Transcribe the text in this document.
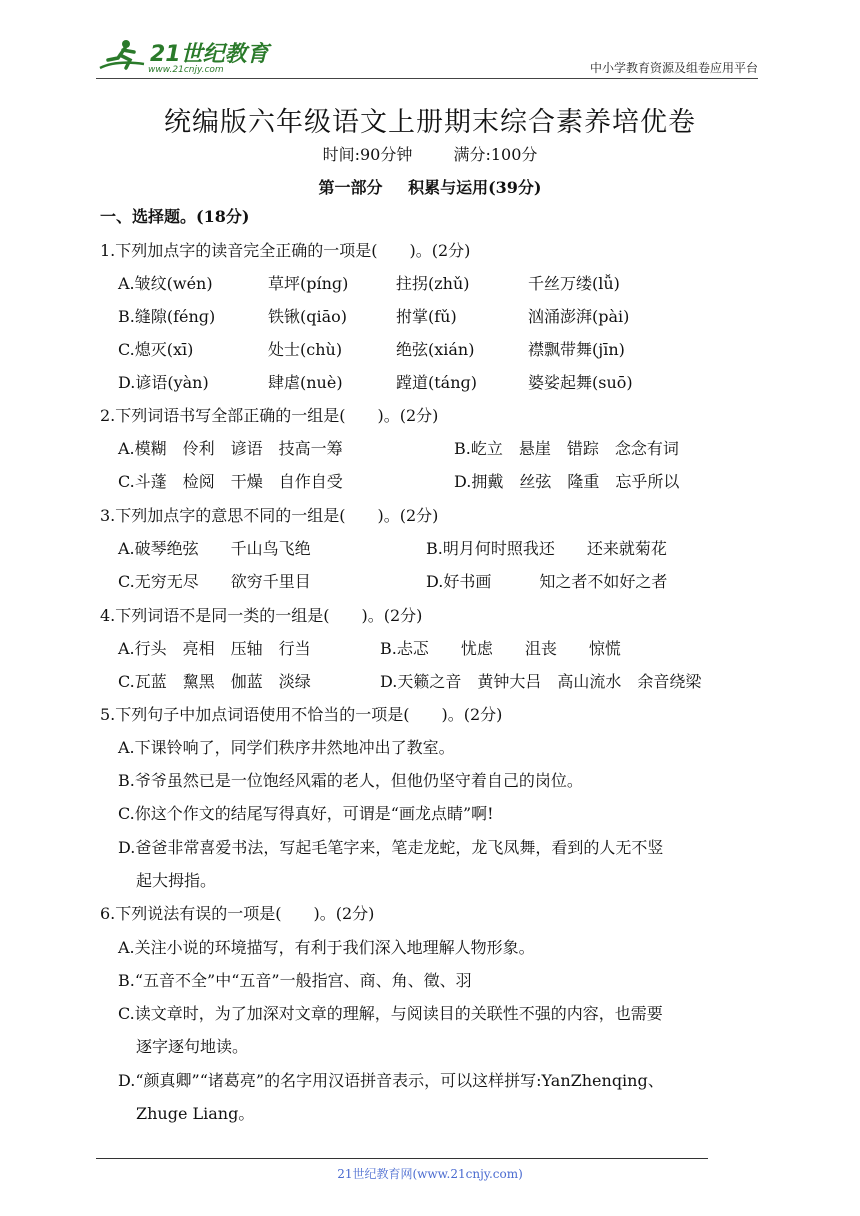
21世纪教育
www.21cnjy.com	中小学教育资源及组卷应用平台
统编版六年级语文上册期末综合素养培优卷
时间:90分钟	满分:100分
第一部分 积累与运用(39分)
一、选择题。(18分)
1.下列加点字的读音完全正确的一项是(　　)。(2分)
A.皱纹(wén)	草坪(pínɡ)	拄拐(zhǔ)	千丝万缕(lǚ)
B.缝隙(fénɡ)	铁锹(qiāo)	拊掌(fǔ)	汹涌澎湃(pài)
C.熄灭(xī)	处士(chù)	绝弦(xián)	襟飘带舞(jīn)
D.谚语(yàn)	肆虐(nuè)	蹚道(tánɡ)	婆娑起舞(suō)
2.下列词语书写全部正确的一组是(　　)。(2分)
A.模糊　伶利　谚语　技高一筹	B.屹立　悬崖　错踪　念念有词
C.斗蓬　检阅　干燥　自作自受	D.拥戴　丝弦　隆重　忘乎所以
3.下列加点字的意思不同的一组是(　　)。(2分)
A.破琴绝弦　　千山鸟飞绝	B.明月何时照我还　　还来就菊花
C.无穷无尽　　欲穷千里目	D.好书画　　　知之者不如好之者
4.下列词语不是同一类的一组是(　　)。(2分)
A.行头　亮相　压轴　行当	B.忐忑　　忧虑　　沮丧　　惊慌
C.瓦蓝　黧黑　伽蓝　淡绿	D.天籁之音　黄钟大吕　高山流水　余音绕梁
5.下列句子中加点词语使用不恰当的一项是(　　)。(2分)
A.下课铃响了，同学们秩序井然地冲出了教室。
B.爷爷虽然已是一位饱经风霜的老人，但他仍坚守着自己的岗位。
C.你这个作文的结尾写得真好，可谓是“画龙点睛”啊!
D.爸爸非常喜爱书法，写起毛笔字来，笔走龙蛇，龙飞凤舞，看到的人无不竖
起大拇指。
6.下列说法有误的一项是(　　)。(2分)
A.关注小说的环境描写，有利于我们深入地理解人物形象。
B.“五音不全”中“五音”一般指宫、商、角、徵、羽
C.读文章时，为了加深对文章的理解，与阅读目的关联性不强的内容，也需要
逐字逐句地读。
D.“颜真卿”“诸葛亮”的名字用汉语拼音表示，可以这样拼写:YanZhenqing、
Zhuge Liang。
21世纪教育网(www.21cnjy.com)
